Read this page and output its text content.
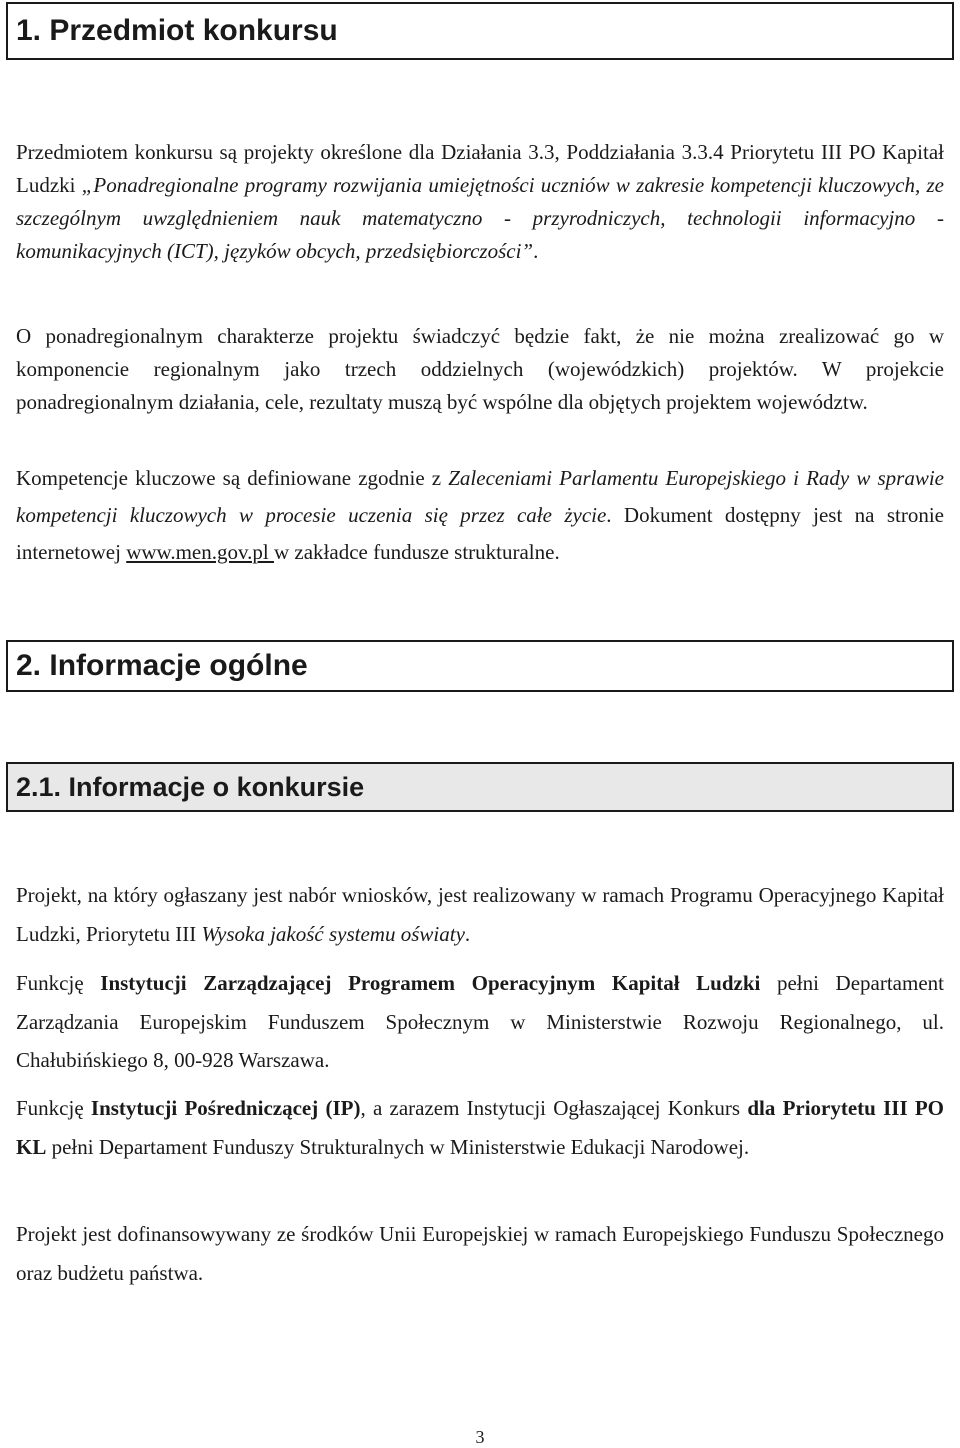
1. Przedmiot konkursu

Przedmiotem konkursu są projekty określone dla Działania 3.3, Poddziałania 3.3.4 Priorytetu III PO Kapitał Ludzki „Ponadregionalne programy rozwijania umiejętności uczniów w zakresie kompetencji kluczowych, ze szczególnym uwzględnieniem nauk matematyczno - przyrodniczych, technologii informacyjno - komunikacyjnych (ICT), języków obcych, przedsiębiorczości”.

O ponadregionalnym charakterze projektu świadczyć będzie fakt, że nie można zrealizować go w komponencie regionalnym jako trzech oddzielnych (wojewódzkich) projektów. W projekcie ponadregionalnym działania, cele, rezultaty muszą być wspólne dla objętych projektem województw.

Kompetencje kluczowe są definiowane zgodnie z Zaleceniami Parlamentu Europejskiego i Rady w sprawie kompetencji kluczowych w procesie uczenia się przez całe życie. Dokument dostępny jest na stronie internetowej www.men.gov.pl w zakładce fundusze strukturalne.

2. Informacje ogólne
2.1. Informacje o konkursie

Projekt, na który ogłaszany jest nabór wniosków, jest realizowany w ramach Programu Operacyjnego Kapitał Ludzki, Priorytetu III Wysoka jakość systemu oświaty.

Funkcję Instytucji Zarządzającej Programem Operacyjnym Kapitał Ludzki pełni Departament Zarządzania Europejskim Funduszem Społecznym w Ministerstwie Rozwoju Regionalnego, ul. Chałubińskiego 8, 00-928 Warszawa.

Funkcję Instytucji Pośredniczącej (IP), a zarazem Instytucji Ogłaszającej Konkurs dla Priorytetu III PO KL pełni Departament Funduszy Strukturalnych w Ministerstwie Edukacji Narodowej.

Projekt jest dofinansowywany ze środków Unii Europejskiej w ramach Europejskiego Funduszu Społecznego oraz budżetu państwa.

3
